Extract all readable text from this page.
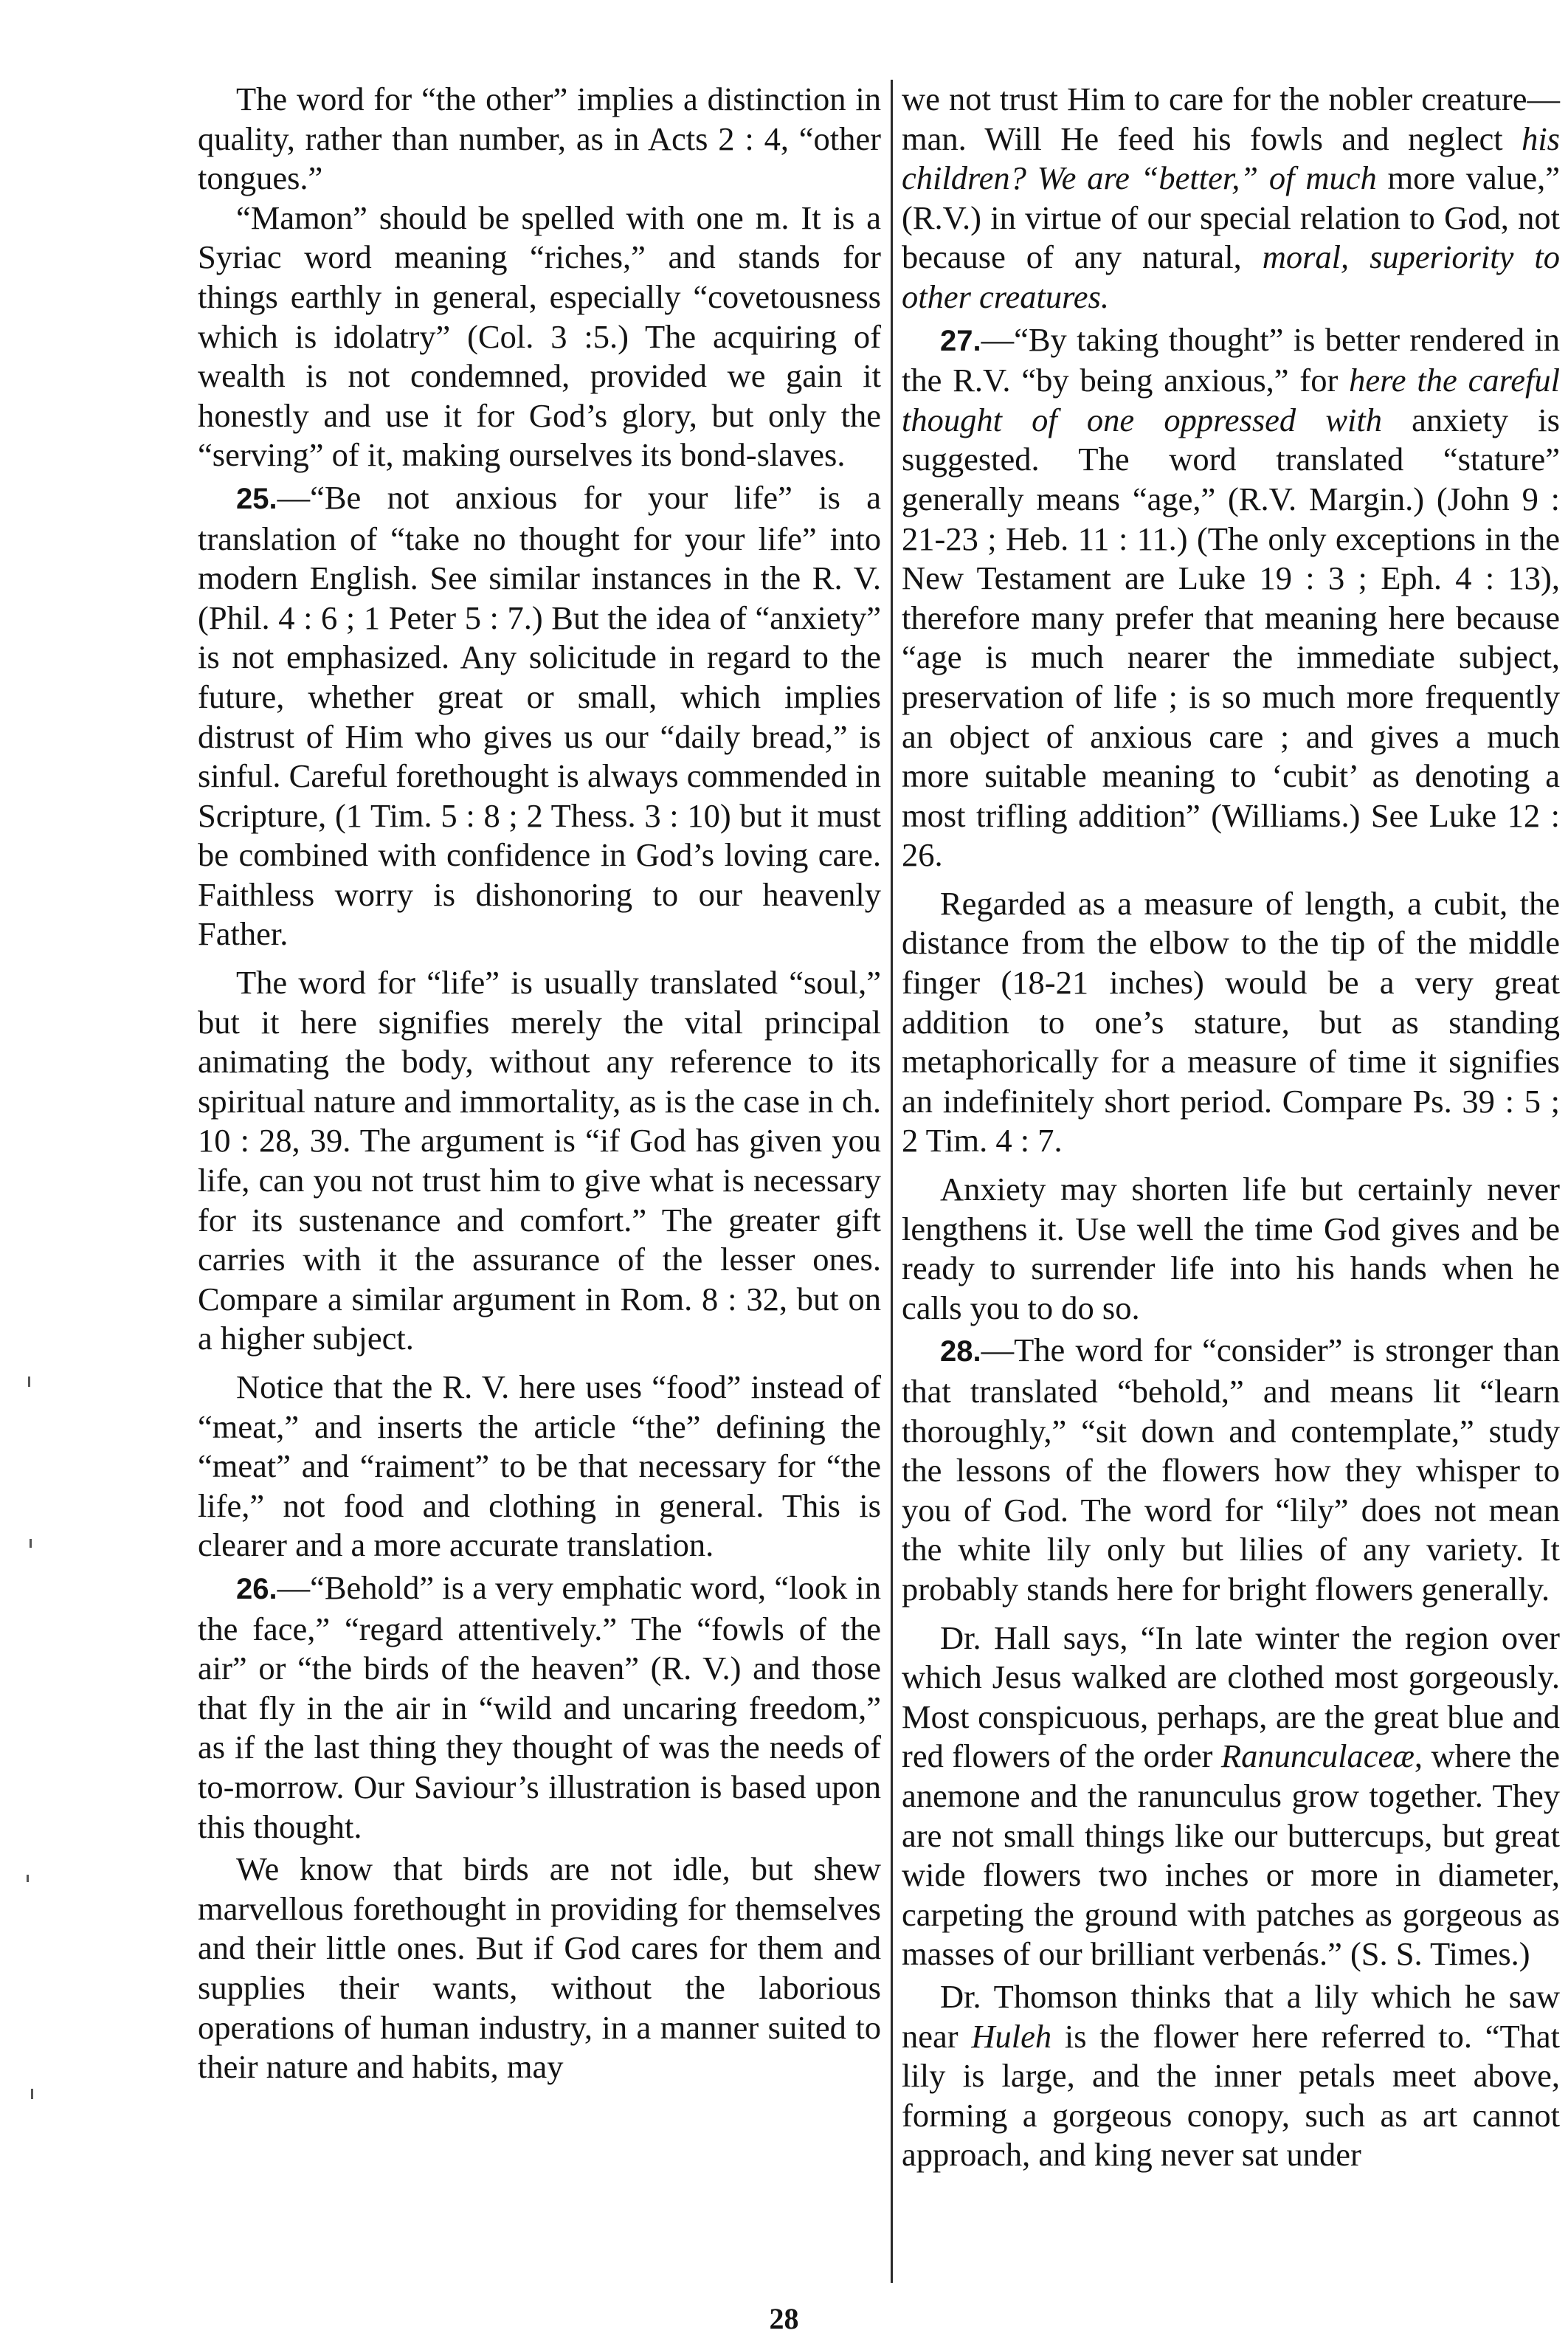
The word for “the other” implies a distinction in quality, rather than number, as in Acts 2 : 4, “other tongues.”

“Mamon” should be spelled with one m. It is a Syriac word meaning “riches,” and stands for things earthly in general, especially “covetousness which is idolatry” (Col. 3 :5.) The acquiring of wealth is not condemned, provided we gain it honestly and use it for God’s glory, but only the “serving” of it, making ourselves its bond-slaves.

25.—“Be not anxious for your life” is a translation of “take no thought for your life” into modern English. See similar instances in the R. V. (Phil. 4 : 6 ; 1 Peter 5 : 7.) But the idea of “anxiety” is not emphasized. Any solicitude in regard to the future, whether great or small, which implies distrust of Him who gives us our “daily bread,” is sinful. Careful forethought is always commended in Scripture, (1 Tim. 5 : 8 ; 2 Thess. 3 : 10) but it must be combined with confidence in God’s loving care. Faithless worry is dishonoring to our heavenly Father.

The word for “life” is usually translated “soul,” but it here signifies merely the vital principal animating the body, without any reference to its spiritual nature and immortality, as is the case in ch. 10 : 28, 39. The argument is “if God has given you life, can you not trust him to give what is necessary for its sustenance and comfort.” The greater gift carries with it the assurance of the lesser ones. Compare a similar argument in Rom. 8 : 32, but on a higher subject.

Notice that the R. V. here uses “food” instead of “meat,” and inserts the article “the” defining the “meat” and “raiment” to be that necessary for “the life,” not food and clothing in general. This is clearer and a more accurate translation.

26.—“Behold” is a very emphatic word, “look in the face,” “regard attentively.” The “fowls of the air” or “the birds of the heaven” (R. V.) and those that fly in the air in “wild and uncaring freedom,” as if the last thing they thought of was the needs of to-morrow. Our Saviour’s illustration is based upon this thought.

We know that birds are not idle, but shew marvellous forethought in providing for themselves and their little ones. But if God cares for them and supplies their wants, without the laborious operations of human industry, in a manner suited to their nature and habits, may

we not trust Him to care for the nobler creature—man. Will He feed his fowls and neglect his children? We are “better,” of much more value,” (R.V.) in virtue of our special relation to God, not because of any natural, moral, superiority to other creatures.

27.—“By taking thought” is better rendered in the R.V. “by being anxious,” for here the careful thought of one oppressed with anxiety is suggested. The word translated “stature” generally means “age,” (R.V. Margin.) (John 9 : 21-23 ; Heb. 11 : 11.) (The only exceptions in the New Testament are Luke 19 : 3 ; Eph. 4 : 13), therefore many prefer that meaning here because “age is much nearer the immediate subject, preservation of life ; is so much more frequently an object of anxious care ; and gives a much more suitable meaning to ‘cubit’ as denoting a most trifling addition” (Williams.) See Luke 12 : 26.

Regarded as a measure of length, a cubit, the distance from the elbow to the tip of the middle finger (18-21 inches) would be a very great addition to one’s stature, but as standing metaphorically for a measure of time it signifies an indefinitely short period. Compare Ps. 39 : 5 ; 2 Tim. 4 : 7.

Anxiety may shorten life but certainly never lengthens it. Use well the time God gives and be ready to surrender life into his hands when he calls you to do so.

28.—The word for “consider” is stronger than that translated “behold,” and means lit “learn thoroughly,” “sit down and contemplate,” study the lessons of the flowers how they whisper to you of God. The word for “lily” does not mean the white lily only but lilies of any variety. It probably stands here for bright flowers generally.

Dr. Hall says, “In late winter the region over which Jesus walked are clothed most gorgeously. Most conspicuous, perhaps, are the great blue and red flowers of the order Ranunculaceæ, where the anemone and the ranunculus grow together. They are not small things like our buttercups, but great wide flowers two inches or more in diameter, carpeting the ground with patches as gorgeous as masses of our brilliant verbenás.” (S. S. Times.)

Dr. Thomson thinks that a lily which he saw near Huleh is the flower here referred to. “That lily is large, and the inner petals meet above, forming a gorgeous conopy, such as art cannot approach, and king never sat under

28
